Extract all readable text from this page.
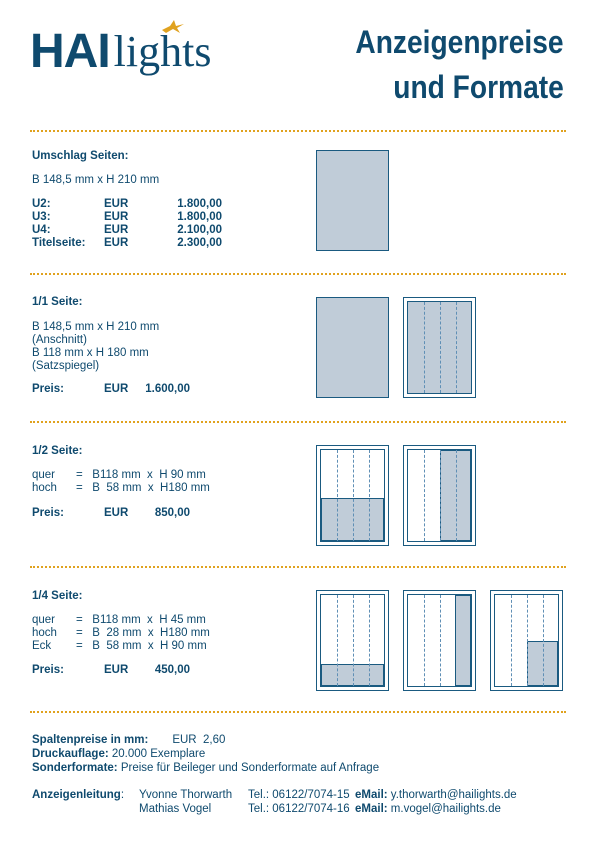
HAI lights	Anzeigenpreise
und Formate
Umschlag Seiten:
B 148,5 mm x H 210 mm
U2:	EUR	1.800,00
U3:	EUR	1.800,00
U4:	EUR	2.100,00
Titelseite:	EUR	2.300,00
1/1 Seite:
B 148,5 mm x H 210 mm
(Anschnitt)
B 118 mm x H 180 mm
(Satzspiegel)
Preis:	EUR	1.600,00
1/2 Seite:
quer	=   B118 mm  x  H 90 mm
hoch	=   B  58 mm  x  H180 mm
Preis:	EUR	850,00
1/4 Seite:
quer	=   B118 mm  x  H 45 mm
hoch	=   B  28 mm  x  H180 mm
Eck	=   B  58 mm  x  H 90 mm
Preis:	EUR	450,00
Spaltenpreise in mm: EUR  2,60
Druckauflage: 20.000 Exemplare
Sonderformate: Preise für Beileger und Sonderformate auf Anfrage
Anzeigenleitung: Yvonne Thorwarth Tel.: 06122/7074-15 eMail: y.thorwarth@hailights.de
Mathias Vogel	Tel.: 06122/7074-16 eMail: m.vogel@hailights.de
